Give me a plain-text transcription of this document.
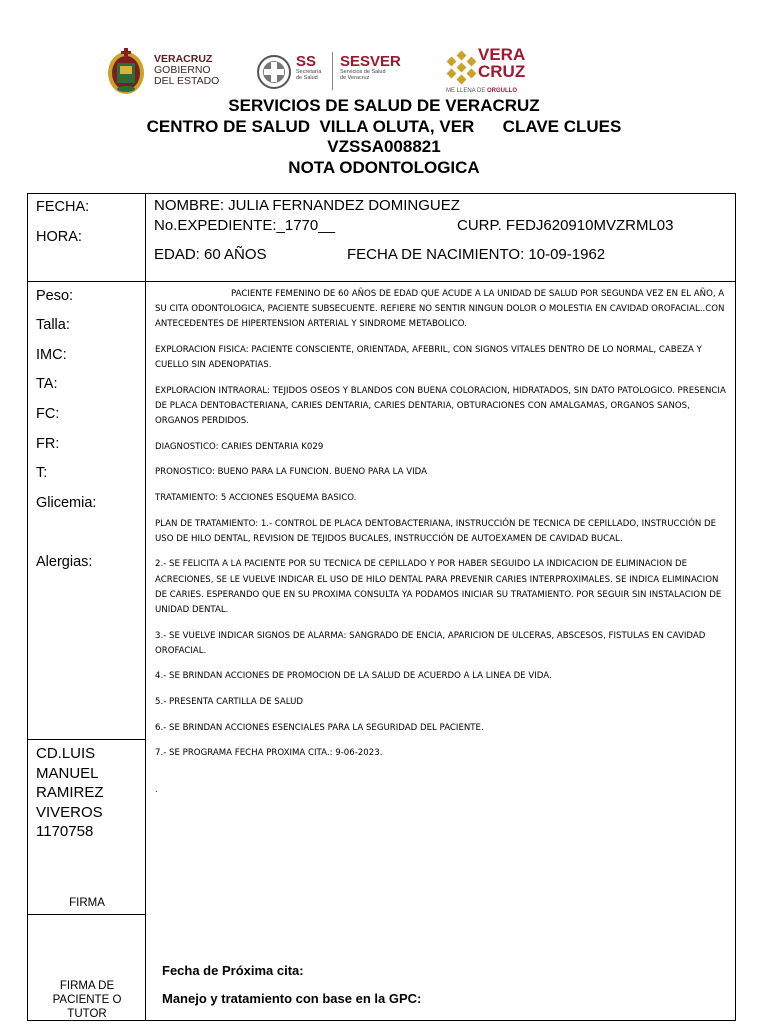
VERACRUZ
GOBIERNO
DEL ESTADO
SS
Secretaría
de Salud
SESVER
Servicios de Salud
de Veracruz
VERA
CRUZ
ME LLENA DE ORGULLO
SERVICIOS DE SALUD DE VERACRUZ
CENTRO DE SALUD  VILLA OLUTA, VER      CLAVE CLUES
VZSSA008821
NOTA ODONTOLOGICA
FECHA:
HORA:
NOMBRE: JULIA FERNANDEZ DOMINGUEZ
No.EXPEDIENTE:_1770__	CURP. FEDJ620910MVZRML03
EDAD: 60 AÑOS	FECHA DE NACIMIENTO: 10-09-1962
Peso:
Talla:
IMC:
TA:
FC:
FR:
T:
Glicemia:
Alergias:

PACIENTE FEMENINO DE 60 AÑOS DE EDAD QUE ACUDE A LA UNIDAD DE SALUD POR SEGUNDA VEZ EN EL AÑO, A SU CITA ODONTOLOGICA, PACIENTE SUBSECUENTE. REFIERE NO SENTIR NINGUN DOLOR O MOLESTIA EN CAVIDAD OROFACIAL..CON ANTECEDENTES DE HIPERTENSION ARTERIAL Y SINDROME METABOLICO.

EXPLORACION FISICA: PACIENTE CONSCIENTE, ORIENTADA, AFEBRIL, CON SIGNOS VITALES DENTRO DE LO NORMAL, CABEZA Y CUELLO SIN ADENOPATIAS.

EXPLORACION INTRAORAL: TEJIDOS OSEOS Y BLANDOS CON BUENA COLORACION, HIDRATADOS, SIN DATO PATOLOGICO. PRESENCIA DE PLACA DENTOBACTERIANA, CARIES DENTARIA, CARIES DENTARIA, OBTURACIONES CON AMALGAMAS, ORGANOS SANOS, ORGANOS PERDIDOS.

DIAGNOSTICO: CARIES DENTARIA K029

PRONOSTICO: BUENO PARA LA FUNCION. BUENO PARA LA VIDA

TRATAMIENTO: 5 ACCIONES ESQUEMA BASICO.

PLAN DE TRATAMIENTO: 1.- CONTROL DE PLACA DENTOBACTERIANA, INSTRUCCIÓN DE TECNICA DE CEPILLADO, INSTRUCCIÓN DE USO DE HILO DENTAL, REVISION DE TEJIDOS BUCALES, INSTRUCCIÓN DE AUTOEXAMEN DE CAVIDAD BUCAL.

2.- SE FELICITA A LA PACIENTE POR SU TECNICA DE CEPILLADO Y POR HABER SEGUIDO LA INDICACION DE ELIMINACION DE ACRECIONES, SE LE VUELVE INDICAR EL USO DE HILO DENTAL PARA PREVENIR CARIES INTERPROXIMALES. SE INDICA ELIMINACION DE CARIES. ESPERANDO QUE EN SU PROXIMA CONSULTA YA PODAMOS INICIAR SU TRATAMIENTO. POR SEGUIR SIN INSTALACION DE UNIDAD DENTAL.

3.- SE VUELVE INDICAR SIGNOS DE ALARMA: SANGRADO DE ENCIA, APARICION DE ULCERAS, ABSCESOS, FISTULAS EN CAVIDAD OROFACIAL.

4.- SE BRINDAN ACCIONES DE PROMOCION DE LA SALUD DE ACUERDO A LA LINEA DE VIDA.

5.- PRESENTA CARTILLA DE SALUD

6.- SE BRINDAN ACCIONES ESENCIALES PARA LA SEGURIDAD DEL PACIENTE.

7.- SE PROGRAMA FECHA PROXIMA CITA.: 9-06-2023.

.

CD.LUIS
MANUEL
RAMIREZ
VIVEROS
1170758
FIRMA
FIRMA DE
PACIENTE O
TUTOR
Fecha de Próxima cita:
Manejo y tratamiento con base en la GPC:
